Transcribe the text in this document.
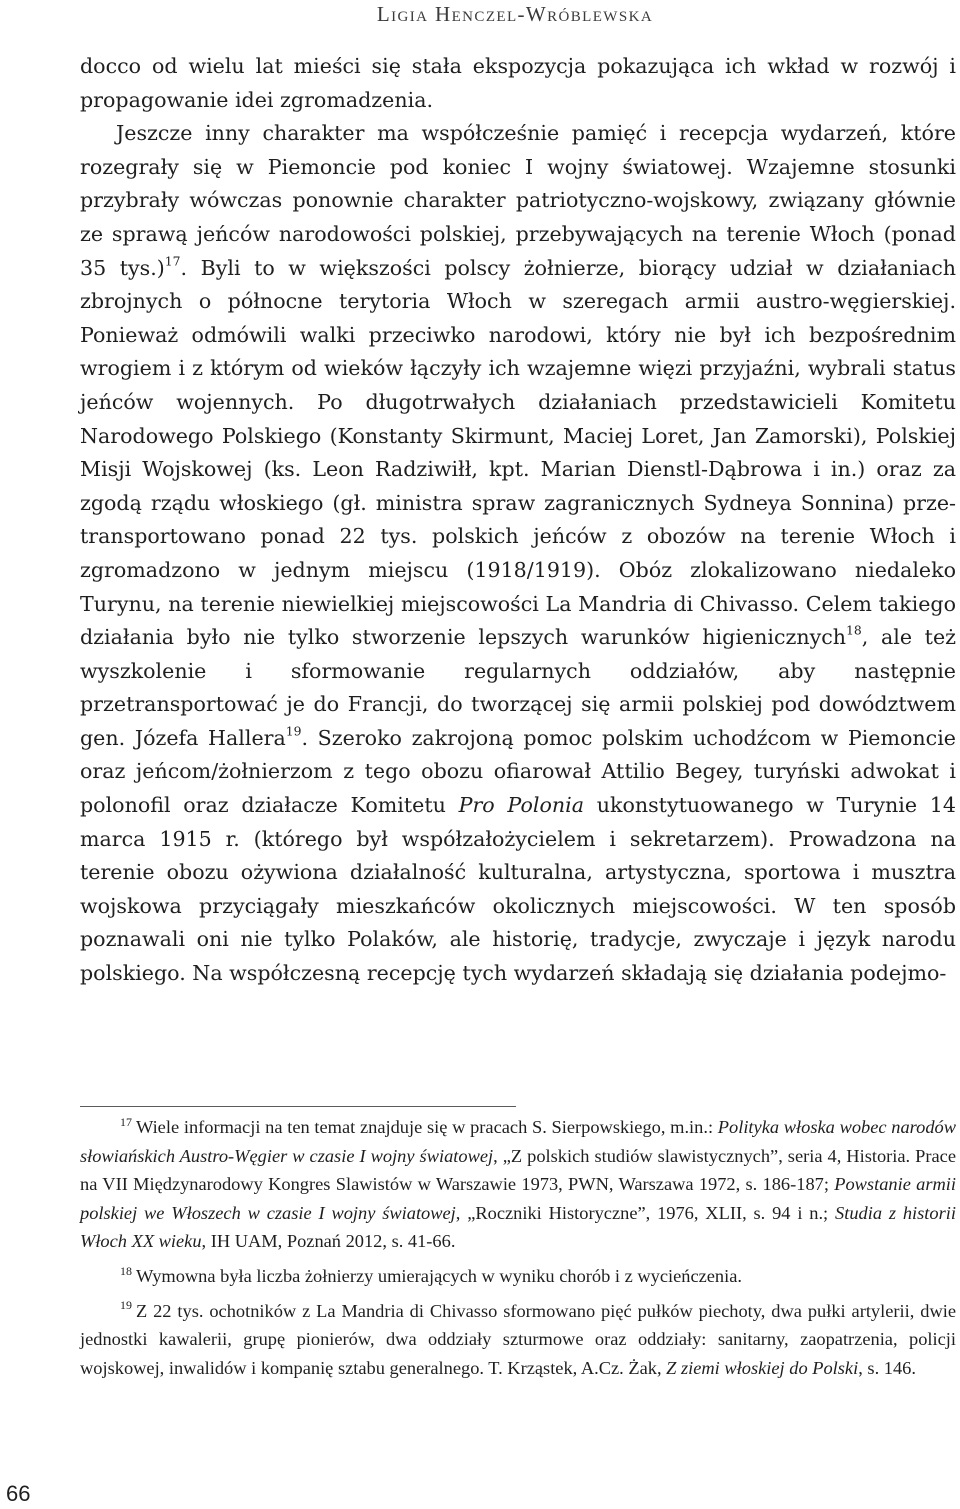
Ligia Henczel-Wróblewska

docco od wielu lat mieści się stała ekspozycja pokazująca ich wkład w rozwój i propagowanie idei zgromadzenia.

Jeszcze inny charakter ma współcześnie pamięć i recepcja wydarzeń, które rozegrały się w Piemoncie pod koniec I wojny światowej. Wzajemne stosunki przybrały wówczas ponownie charakter patriotyczno-wojskowy, związany głównie ze sprawą jeńców narodowości polskiej, przebywających na terenie Włoch (ponad 35 tys.)$^{17}$. Byli to w większości polscy żołnierze, biorący udział w działaniach zbrojnych o północne terytoria Włoch w szeregach armii austro-węgierskiej. Ponieważ odmówili walki przeciwko narodowi, który nie był ich bezpośrednim wrogiem i z którym od wieków łączyły ich wzajemne więzi przyjaźni, wybrali status jeńców wojennych. Po długotrwałych działaniach przedstawicieli Komitetu Narodowego Polskiego (Konstanty Skirmunt, Maciej Loret, Jan Zamorski), Polskiej Misji Wojskowej (ks. Leon Radziwiłł, kpt. Marian Dienstl-Dąbrowa i in.) oraz za zgodą rządu włoskiego (gł. ministra spraw zagranicznych Sydneya Sonnina) przetransportowano ponad 22 tys. polskich jeńców z obozów na terenie Włoch i zgromadzono w jednym miejscu (1918/1919). Obóz zlokalizowano niedaleko Turynu, na terenie niewielkiej miejscowości La Mandria di Chivasso. Celem takiego działania było nie tylko stworzenie lepszych warunków higienicznych$^{18}$, ale też wyszkolenie i sformowanie regularnych oddziałów, aby następnie przetransportować je do Francji, do tworzącej się armii polskiej pod dowództwem gen. Józefa Hallera$^{19}$. Szeroko zakrojoną pomoc polskim uchodźcom w Piemoncie oraz jeńcom/żołnierzom z tego obozu ofiarował Attilio Begey, turyński adwokat i polonofil oraz działacze Komitetu Pro Polonia ukonstytuowanego w Turynie 14 marca 1915 r. (którego był współzałożycielem i sekretarzem). Prowadzona na terenie obozu ożywiona działalność kulturalna, artystyczna, sportowa i musztra wojskowa przyciągały mieszkańców okolicznych miejscowości. W ten sposób poznawali oni nie tylko Polaków, ale historię, tradycje, zwyczaje i język narodu polskiego. Na współczesną recepcję tych wydarzeń składają się działania podejmo-

$^{17}$ Wiele informacji na ten temat znajduje się w pracach S. Sierpowskiego, m.in.: Polityka włoska wobec narodów słowiańskich Austro-Węgier w czasie I wojny światowej, „Z polskich studiów slawistycznych”, seria 4, Historia. Prace na VII Międzynarodowy Kongres Slawistów w Warszawie 1973, PWN, Warszawa 1972, s. 186-187; Powstanie armii polskiej we Włoszech w czasie I wojny światowej, „Roczniki Historyczne”, 1976, XLII, s. 94 i n.; Studia z historii Włoch XX wieku, IH UAM, Poznań 2012, s. 41-66.

$^{18}$ Wymowna była liczba żołnierzy umierających w wyniku chorób i z wycieńczenia.

$^{19}$ Z 22 tys. ochotników z La Mandria di Chivasso sformowano pięć pułków piechoty, dwa pułki artylerii, dwie jednostki kawalerii, grupę pionierów, dwa oddziały szturmowe oraz oddziały: sanitarny, zaopatrzenia, policji wojskowej, inwalidów i kompanię sztabu generalnego. T. Krząstek, A.Cz. Żak, Z ziemi włoskiej do Polski, s. 146.

66
